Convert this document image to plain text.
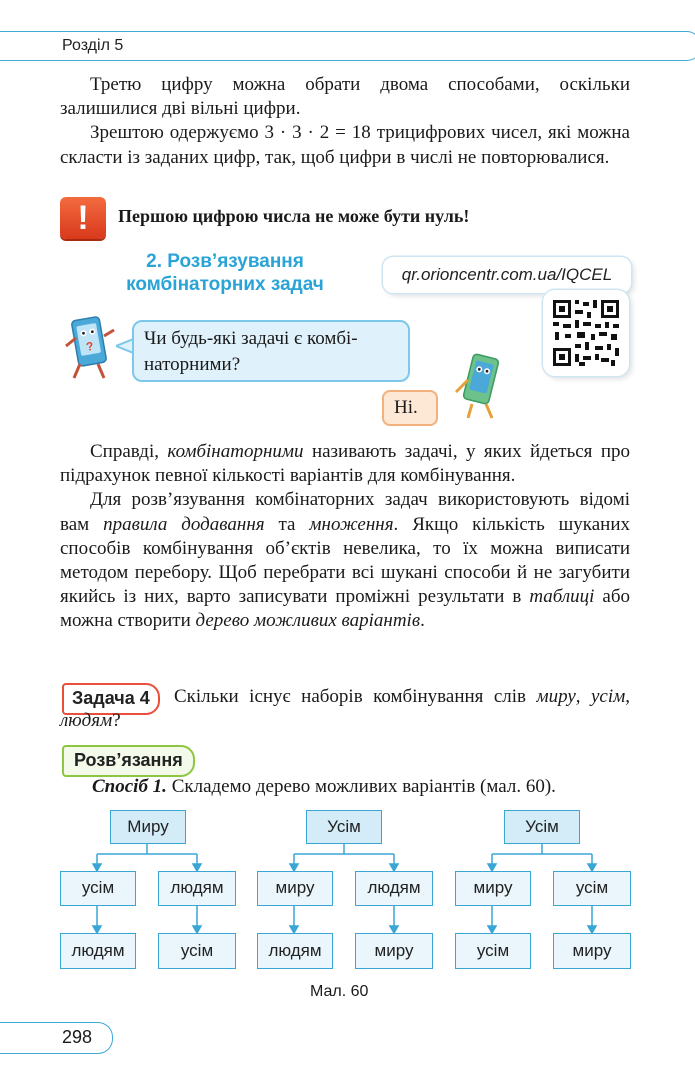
Розділ 5

Третю цифру можна обрати двома способами, оскільки залишилися дві вільні цифри.

Зрештою одержуємо 3 · 3 · 2 = 18 трицифрових чисел, які можна скласти із заданих цифр, так, щоб цифри в числі не повторювалися.

!	Першою цифрою числа не може бути нуль!
2. Розв’язування
комбінаторних задач	qr.orioncentr.com.ua/IQCEL
?	Чи будь-які задачі є комбі-наторними?
Ні.

Справді, комбінаторними називають задачі, у яких йдеться про підрахунок певної кількості варіантів для комбінування.

Для розв’язування комбінаторних задач використовують відомі вам правила додавання та множення. Якщо кількість шуканих способів комбінування об’єктів невелика, то їх можна виписати методом перебору. Щоб перебрати всі шукані способи й не загубити якийсь із них, варто записувати проміжні результати в таблиці або можна створити дерево можливих варіантів.

Задача 4	Скільки існує наборів комбінування слів миру, усім, людям?

Розв’язання
Спосіб 1. Складемо дерево можливих варіантів (мал. 60).
Миру
усім	людям
людям	усім
Усім
миру	людям
людям	миру
Усім
миру	усім
усім	миру
Мал. 60
298
